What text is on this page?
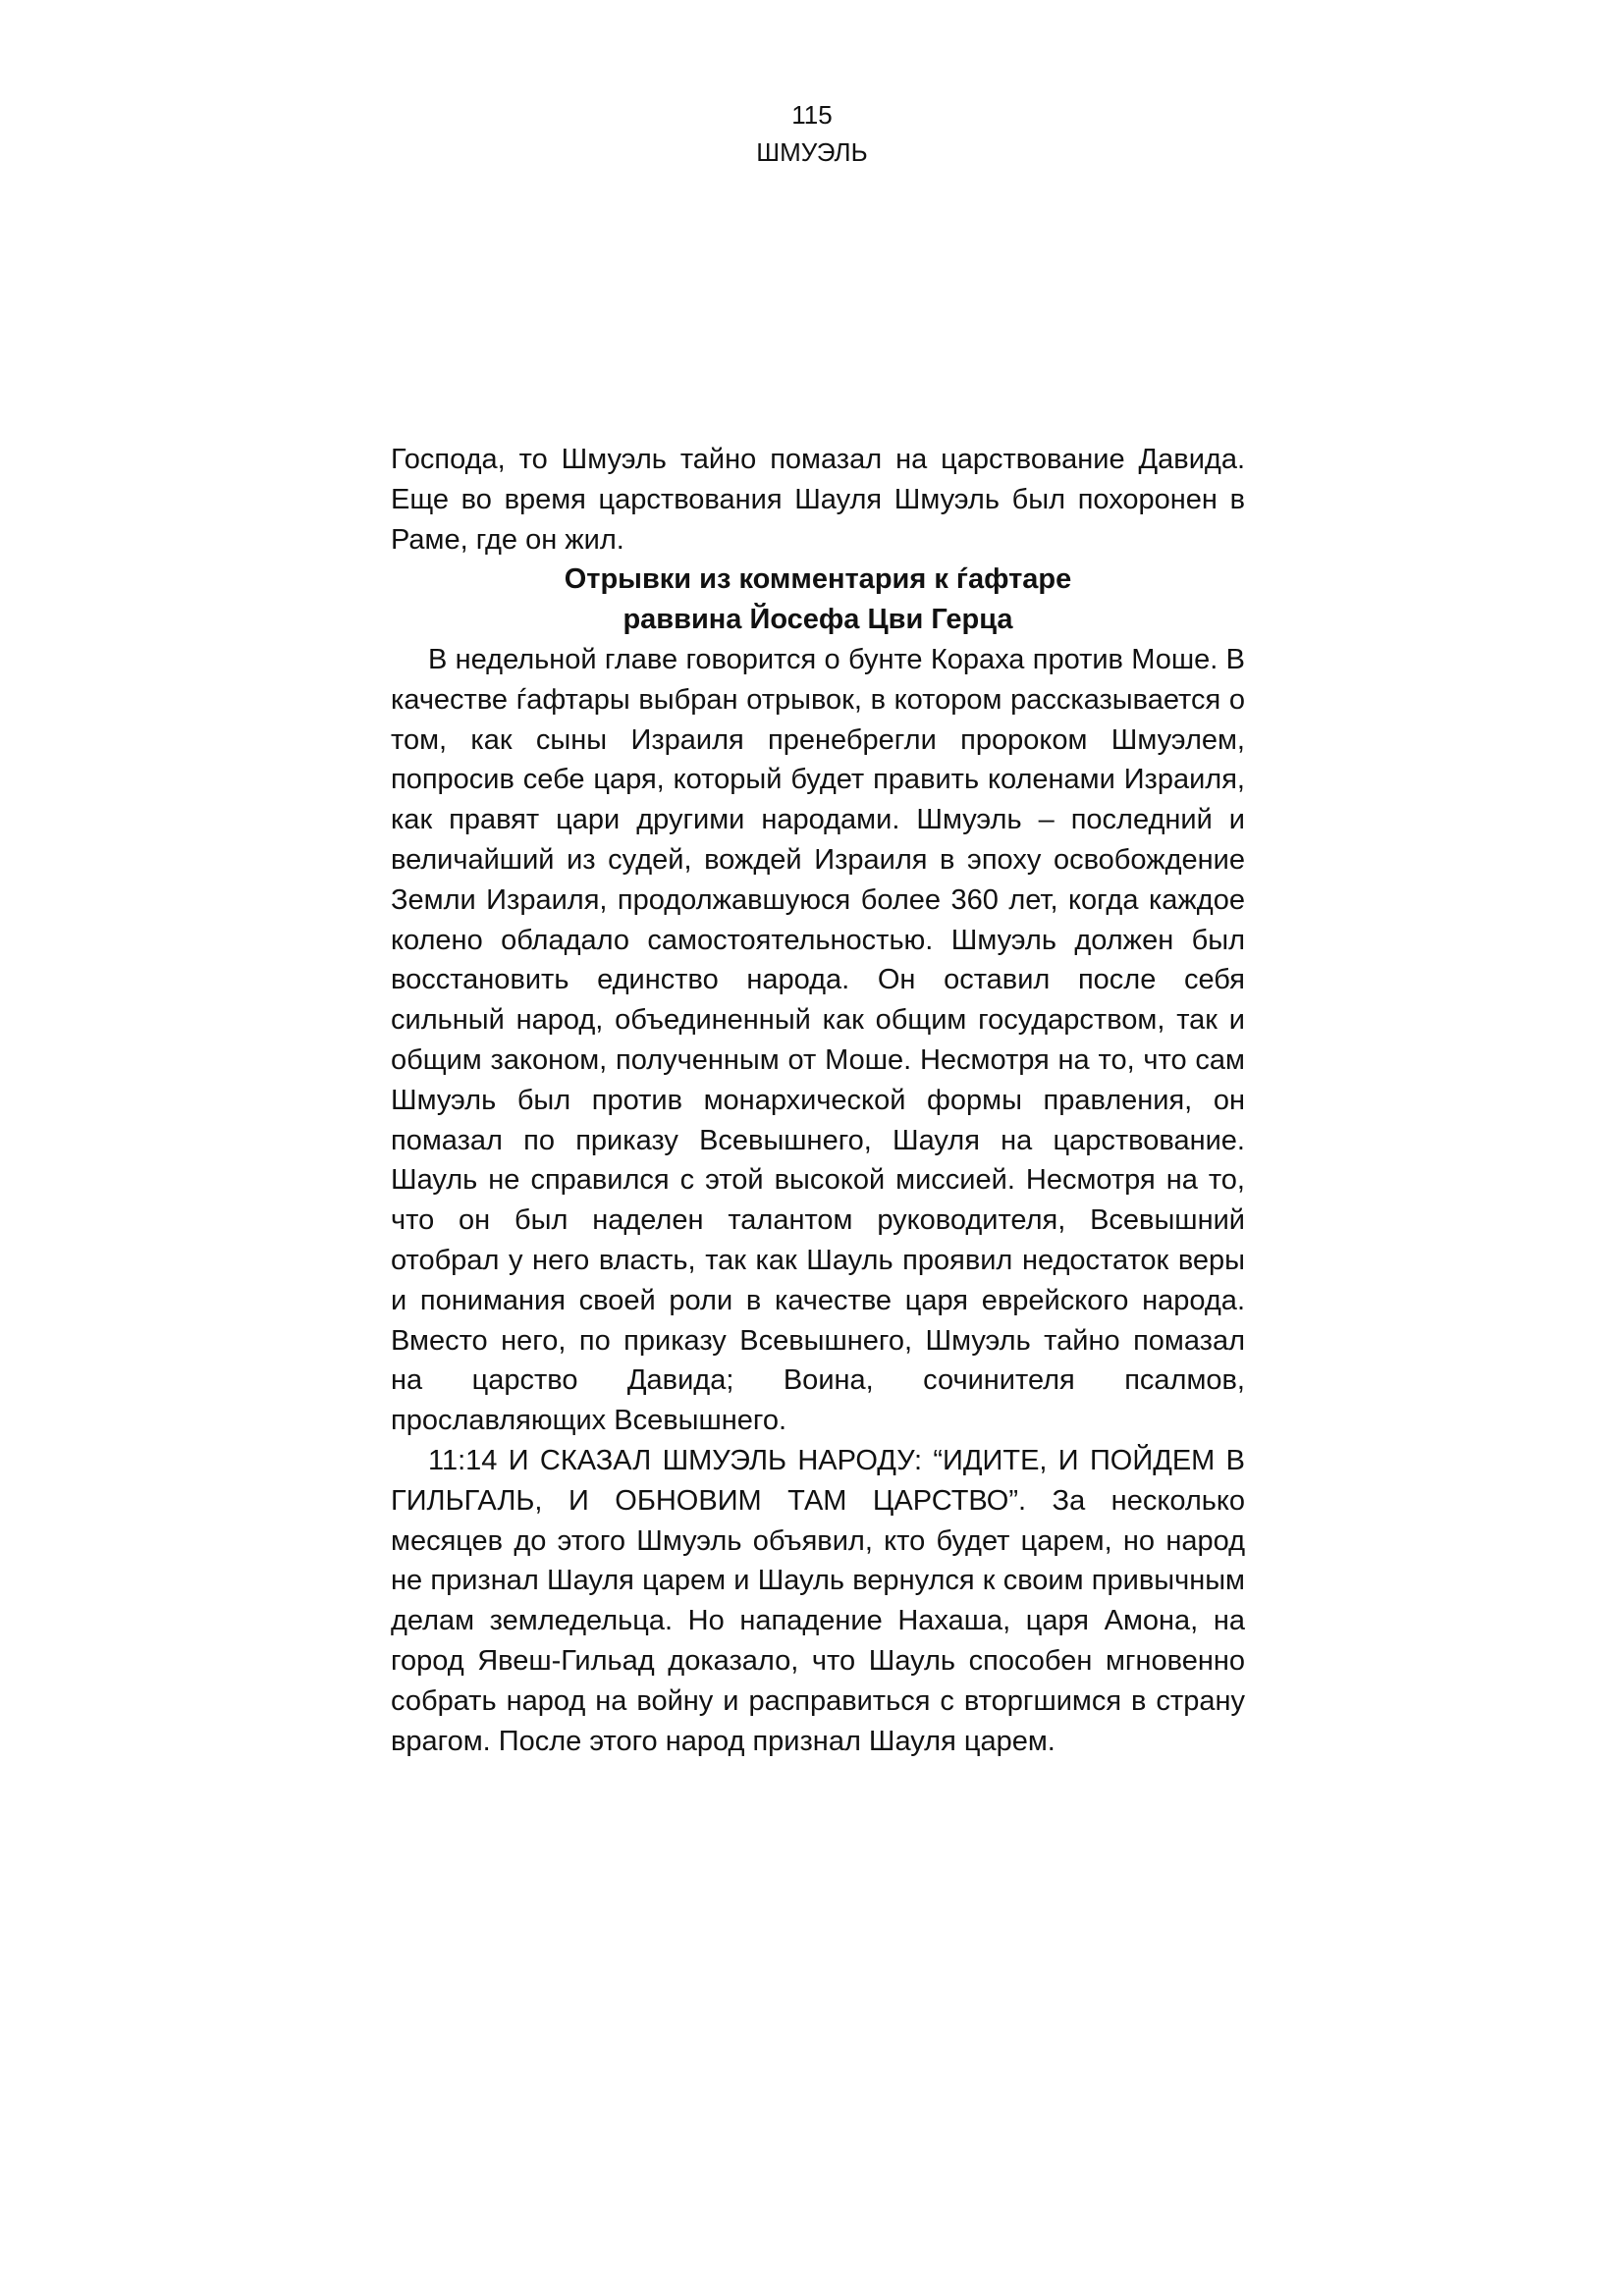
115
ШМУЭЛЬ

Господа, то Шмуэль тайно помазал на царствование Давида. Еще во время царствования Шауля Шмуэль был похоронен в Раме, где он жил.

Отрывки из комментария к ѓафтаре
раввина Йосефа Цви Герца

В недельной главе говорится о бунте Кораха против Моше. В качестве ѓафтары выбран отрывок, в котором рассказывается о том, как сыны Израиля пренебрегли пророком Шмуэлем, попросив себе царя, который будет править коленами Израиля, как правят цари другими народами. Шмуэль – последний и величайший из судей, вождей Израиля в эпоху освобождение Земли Израиля, продолжавшуюся более 360 лет, когда каждое колено обладало самостоятельностью. Шмуэль должен был восстановить единство народа. Он оставил после себя сильный народ, объединенный как общим государством, так и общим законом, полученным от Моше. Несмотря на то, что сам Шмуэль был против монархической формы правления, он помазал по приказу Всевышнего, Шауля на царствование. Шауль не справился с этой высокой миссией. Несмотря на то, что он был наделен талантом руководителя, Всевышний отобрал у него власть, так как Шауль проявил недостаток веры и понимания своей роли в качестве царя еврейского народа. Вместо него, по приказу Всевышнего, Шмуэль тайно помазал на царство Давида; Воина, сочинителя псалмов, прославляющих Всевышнего.

11:14 И СКАЗАЛ ШМУЭЛЬ НАРОДУ: “ИДИТЕ, И ПОЙДЕМ В ГИЛЬГАЛЬ, И ОБНОВИМ ТАМ ЦАРСТВО”. За несколько месяцев до этого Шмуэль объявил, кто будет царем, но народ не признал Шауля царем и Шауль вернулся к своим привычным делам земледельца. Но нападение Нахаша, царя Амона, на город Явеш-Гильад доказало, что Шауль способен мгновенно собрать народ на войну и расправиться с вторгшимся в страну врагом. После этого народ признал Шауля царем.
